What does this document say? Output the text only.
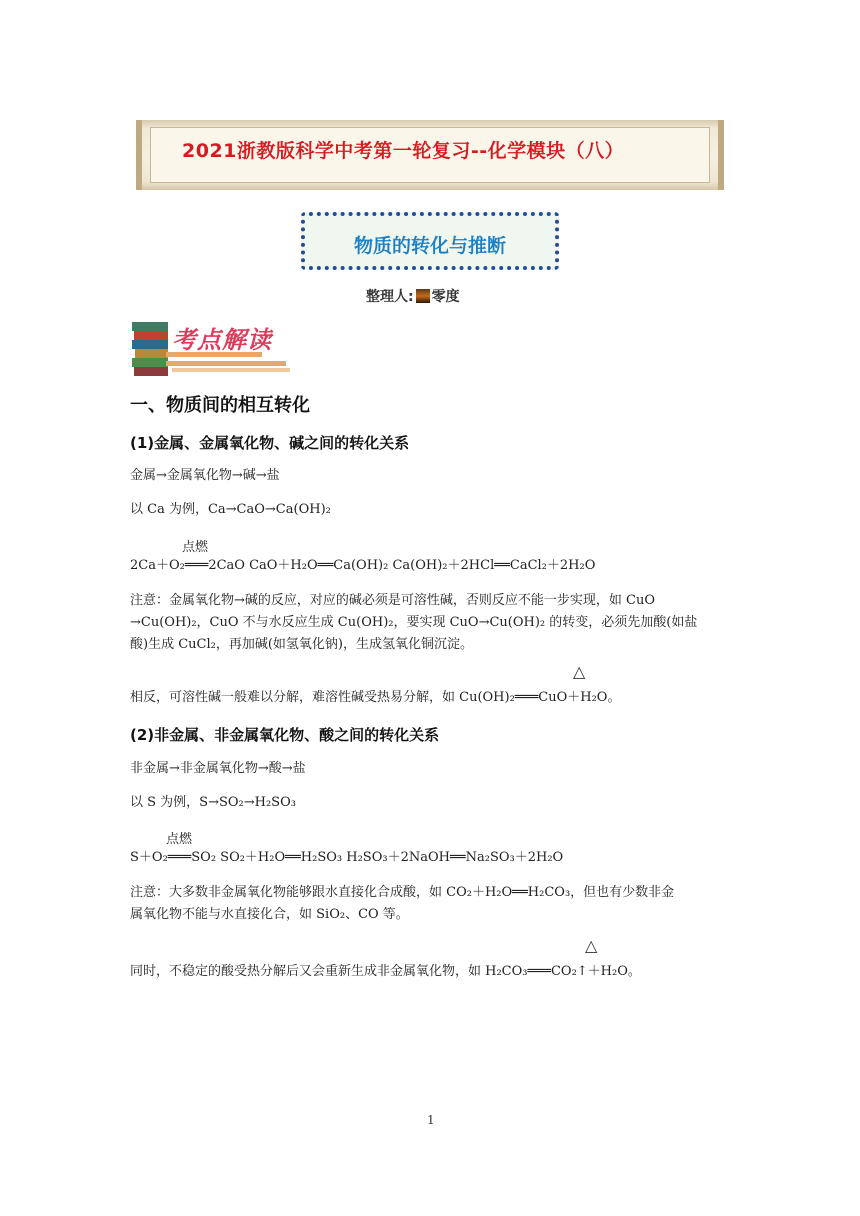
2021浙教版科学中考第一轮复习--化学模块（八）
物质的转化与推断
整理人: 零度
考点解读
一、物质间的相互转化
(1)金属、金属氧化物、碱之间的转化关系
金属→金属氧化物→碱→盐
以 Ca 为例，Ca→CaO→Ca(OH)₂
点燃
2Ca＋O₂═══2CaO CaO＋H₂O══Ca(OH)₂ Ca(OH)₂＋2HCl══CaCl₂＋2H₂O
注意：金属氧化物→碱的反应，对应的碱必须是可溶性碱，否则反应不能一步实现，如 CuO
→Cu(OH)₂，CuO 不与水反应生成 Cu(OH)₂，要实现 CuO→Cu(OH)₂ 的转变，必须先加酸(如盐
酸)生成 CuCl₂，再加碱(如氢氧化钠)，生成氢氧化铜沉淀。
△
相反，可溶性碱一般难以分解，难溶性碱受热易分解，如 Cu(OH)₂═══CuO＋H₂O。
(2)非金属、非金属氧化物、酸之间的转化关系
非金属→非金属氧化物→酸→盐
以 S 为例，S→SO₂→H₂SO₃
点燃
S＋O₂═══SO₂ SO₂＋H₂O══H₂SO₃ H₂SO₃＋2NaOH══Na₂SO₃＋2H₂O
注意：大多数非金属氧化物能够跟水直接化合成酸，如 CO₂＋H₂O══H₂CO₃，但也有少数非金
属氧化物不能与水直接化合，如 SiO₂、CO 等。
△
同时，不稳定的酸受热分解后又会重新生成非金属氧化物，如 H₂CO₃═══CO₂↑＋H₂O。
1
